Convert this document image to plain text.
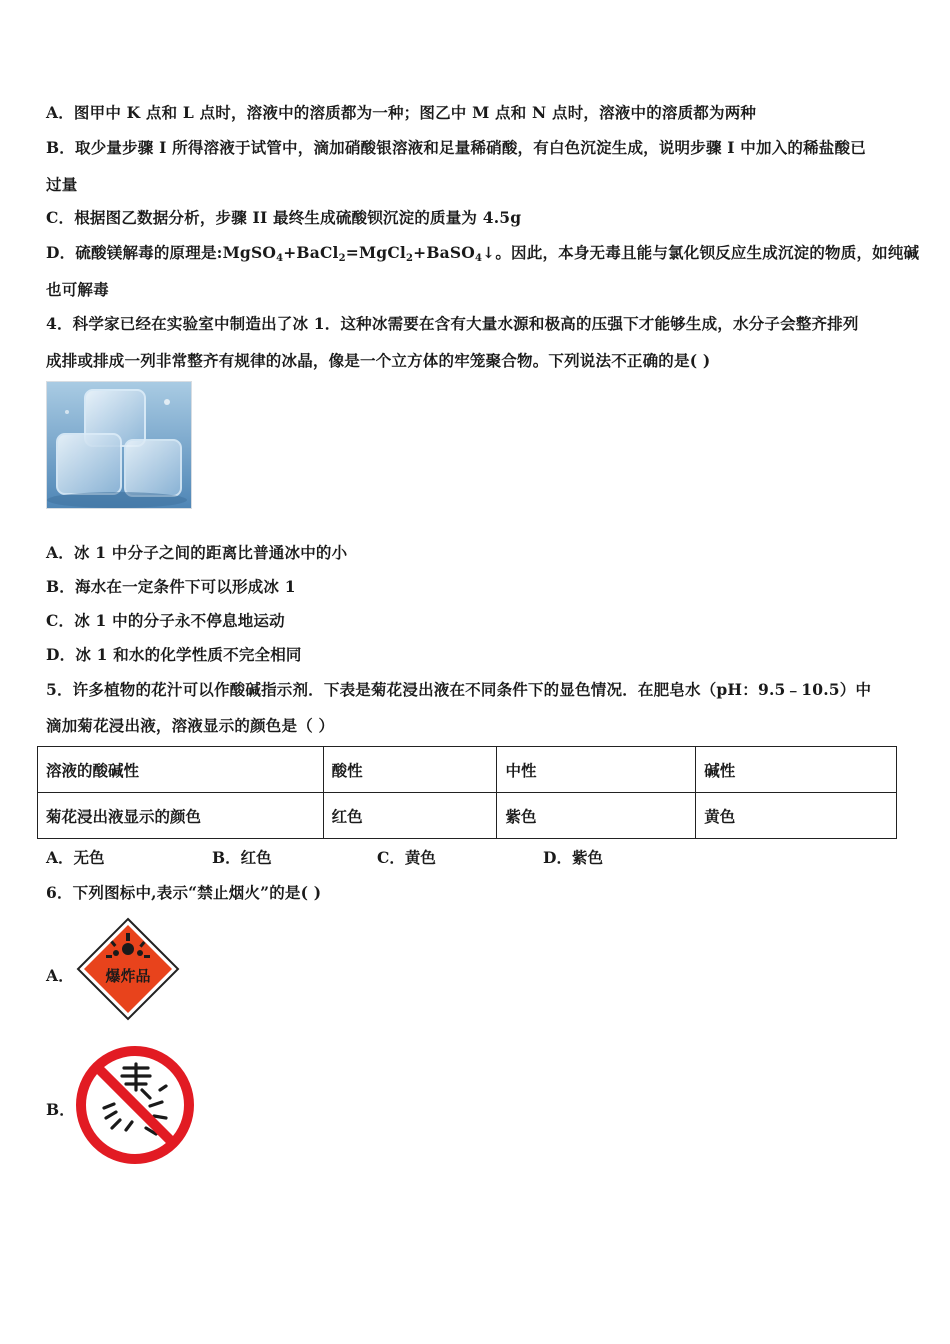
A．图甲中 K 点和 L 点时，溶液中的溶质都为一种；图乙中 M 点和 N 点时，溶液中的溶质都为两种
B．取少量步骤 I 所得溶液于试管中，滴加硝酸银溶液和足量稀硝酸，有白色沉淀生成，说明步骤 I 中加入的稀盐酸已
过量
C．根据图乙数据分析，步骤 II 最终生成硫酸钡沉淀的质量为 4.5g
D．硫酸镁解毒的原理是:MgSO$_4$+BaCl$_2$=MgCl$_2$+BaSO$_4$↓。因此，本身无毒且能与氯化钡反应生成沉淀的物质，如纯碱
也可解毒
4．科学家已经在实验室中制造出了冰 1．这种冰需要在含有大量水源和极高的压强下才能够生成，水分子会整齐排列
成排或排成一列非常整齐有规律的冰晶，像是一个立方体的牢笼聚合物。下列说法不正确的是( )
A．冰 1 中分子之间的距离比普通冰中的小
B．海水在一定条件下可以形成冰 1
C．冰 1 中的分子永不停息地运动
D．冰 1 和水的化学性质不完全相同
5．许多植物的花汁可以作酸碱指示剂．下表是菊花浸出液在不同条件下的显色情况．在肥皂水（pH：9.5﹣10.5）中
滴加菊花浸出液，溶液显示的颜色是（ ）
溶液的酸碱性	酸性	中性	碱性
菊花浸出液显示的颜色	红色	紫色	黄色
A．无色	B．红色	C．黄色	D．紫色
6．下列图标中,表示“禁止烟火”的是( )
A． 爆炸品
B．
